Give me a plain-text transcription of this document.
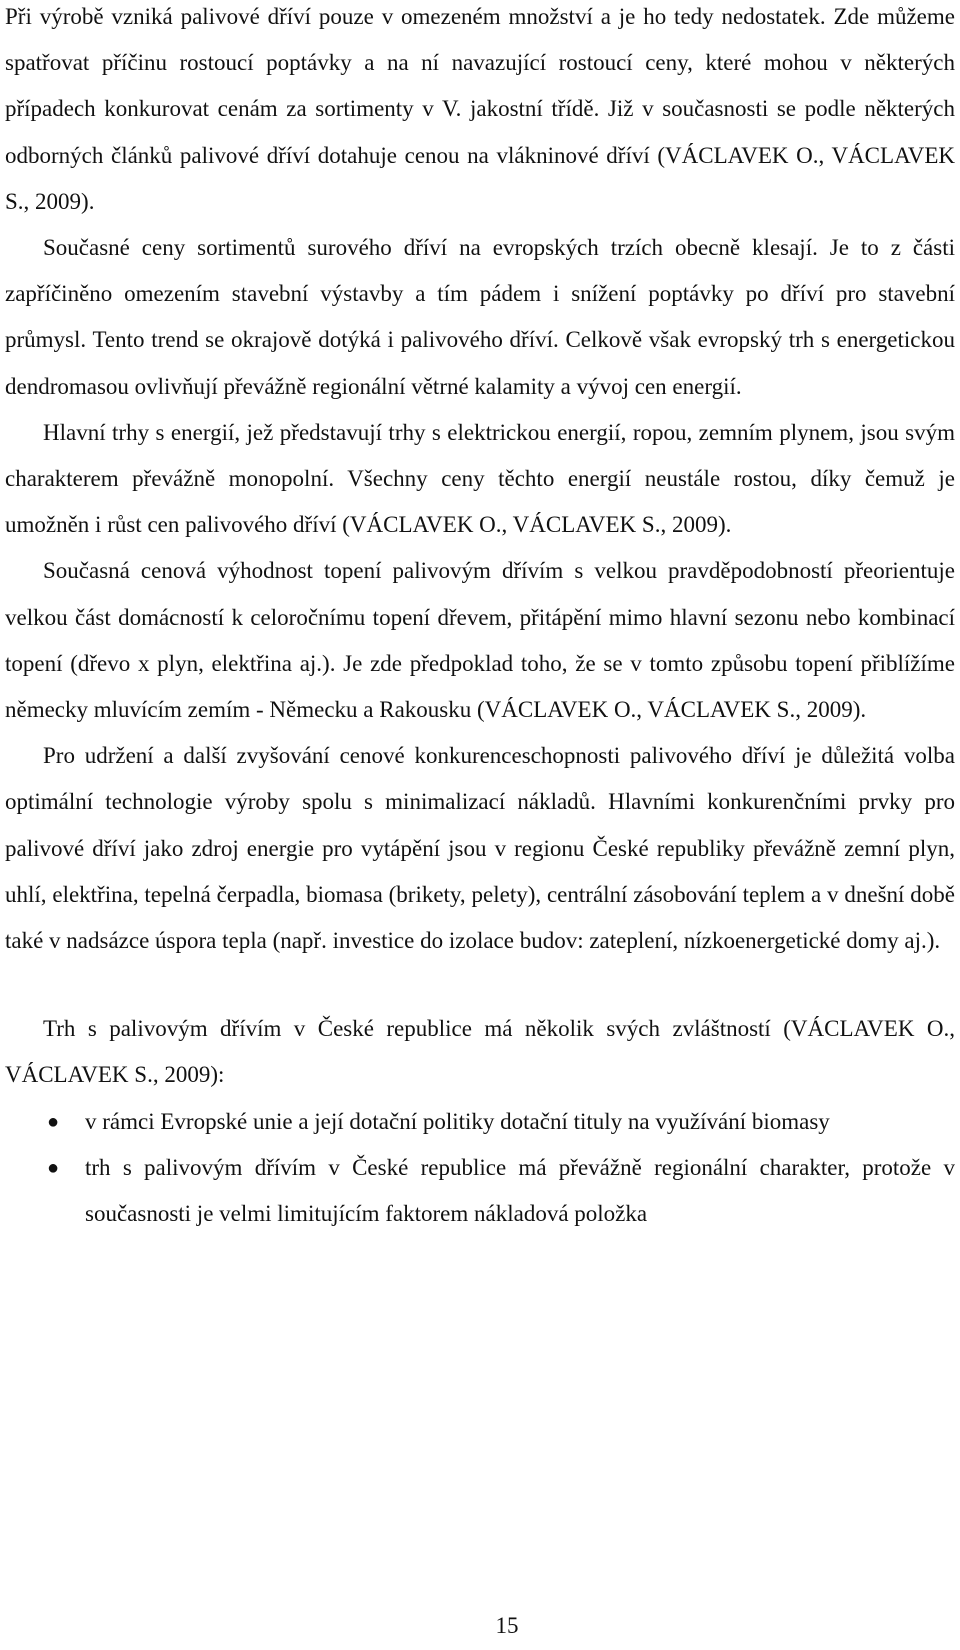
Při výrobě vzniká palivové dříví pouze v omezeném množství a je ho tedy nedostatek. Zde můžeme spatřovat příčinu rostoucí poptávky a na ní navazující rostoucí ceny, které mohou v některých případech konkurovat cenám za sortimenty v V. jakostní třídě. Již v současnosti se podle některých odborných článků palivové dříví dotahuje cenou na vlákninové dříví (VÁCLAVEK O., VÁCLAVEK S., 2009).

Současné ceny sortimentů surového dříví na evropských trzích obecně klesají. Je to z části zapříčiněno omezením stavební výstavby a tím pádem i snížení poptávky po dříví pro stavební průmysl. Tento trend se okrajově dotýká i palivového dříví. Celkově však evropský trh s energetickou dendromasou ovlivňují převážně regionální větrné kalamity a vývoj cen energií.

Hlavní trhy s energií, jež představují trhy s elektrickou energií, ropou, zemním plynem, jsou svým charakterem převážně monopolní. Všechny ceny těchto energií neustále rostou, díky čemuž je umožněn i růst cen palivového dříví (VÁCLAVEK O., VÁCLAVEK S., 2009).

Současná cenová výhodnost topení palivovým dřívím s velkou pravděpodobností přeorientuje velkou část domácností k celoročnímu topení dřevem, přitápění mimo hlavní sezonu nebo kombinací topení (dřevo x plyn, elektřina aj.). Je zde předpoklad toho, že se v tomto způsobu topení přiblížíme německy mluvícím zemím - Německu a Rakousku (VÁCLAVEK O., VÁCLAVEK S., 2009).

Pro udržení a další zvyšování cenové konkurenceschopnosti palivového dříví je důležitá volba optimální technologie výroby spolu s minimalizací nákladů. Hlavními konkurenčními prvky pro palivové dříví jako zdroj energie pro vytápění jsou v regionu České republiky převážně zemní plyn, uhlí, elektřina, tepelná čerpadla, biomasa (brikety, pelety), centrální zásobování teplem a v dnešní době také v nadsázce úspora tepla (např. investice do izolace budov: zateplení, nízkoenergetické domy aj.).

Trh s palivovým dřívím v České republice má několik svých zvláštností (VÁCLAVEK O., VÁCLAVEK S., 2009):

● v rámci Evropské unie a její dotační politiky dotační tituly na využívání biomasy
● trh s palivovým dřívím v České republice má převážně regionální charakter, protože v současnosti je velmi limitujícím faktorem nákladová položka
15
